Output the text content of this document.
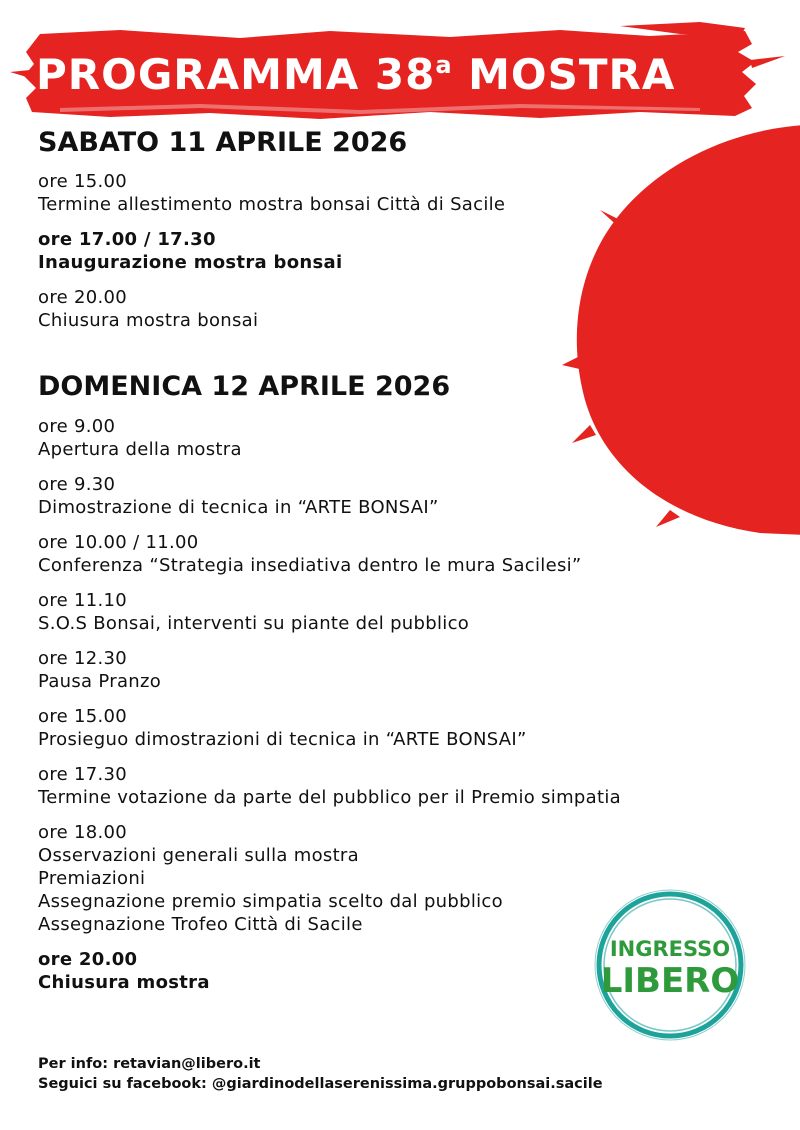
PROGRAMMA 38$^a$ MOSTRA
SABATO 11 APRILE 2026
ore 15.00
Termine allestimento mostra bonsai Città di Sacile
ore 17.00 / 17.30
Inaugurazione mostra bonsai
ore 20.00
Chiusura mostra bonsai
DOMENICA 12 APRILE 2026
ore 9.00
Apertura della mostra
ore 9.30
Dimostrazione di tecnica in “ARTE BONSAI”
ore 10.00 / 11.00
Conferenza “Strategia insediativa dentro le mura Sacilesi”
ore 11.10
S.O.S Bonsai, interventi su piante del pubblico
ore 12.30
Pausa Pranzo
ore 15.00
Prosieguo dimostrazioni di tecnica in “ARTE BONSAI”
ore 17.30
Termine votazione da parte del pubblico per il Premio simpatia
ore 18.00
Osservazioni generali sulla mostra
Premiazioni
Assegnazione premio simpatia scelto dal pubblico
Assegnazione Trofeo Città di Sacile
ore 20.00
Chiusura mostra
INGRESSO
LIBERO
Per info: retavian@libero.it
Seguici su facebook: @giardinodellaserenissima.gruppobonsai.sacile
